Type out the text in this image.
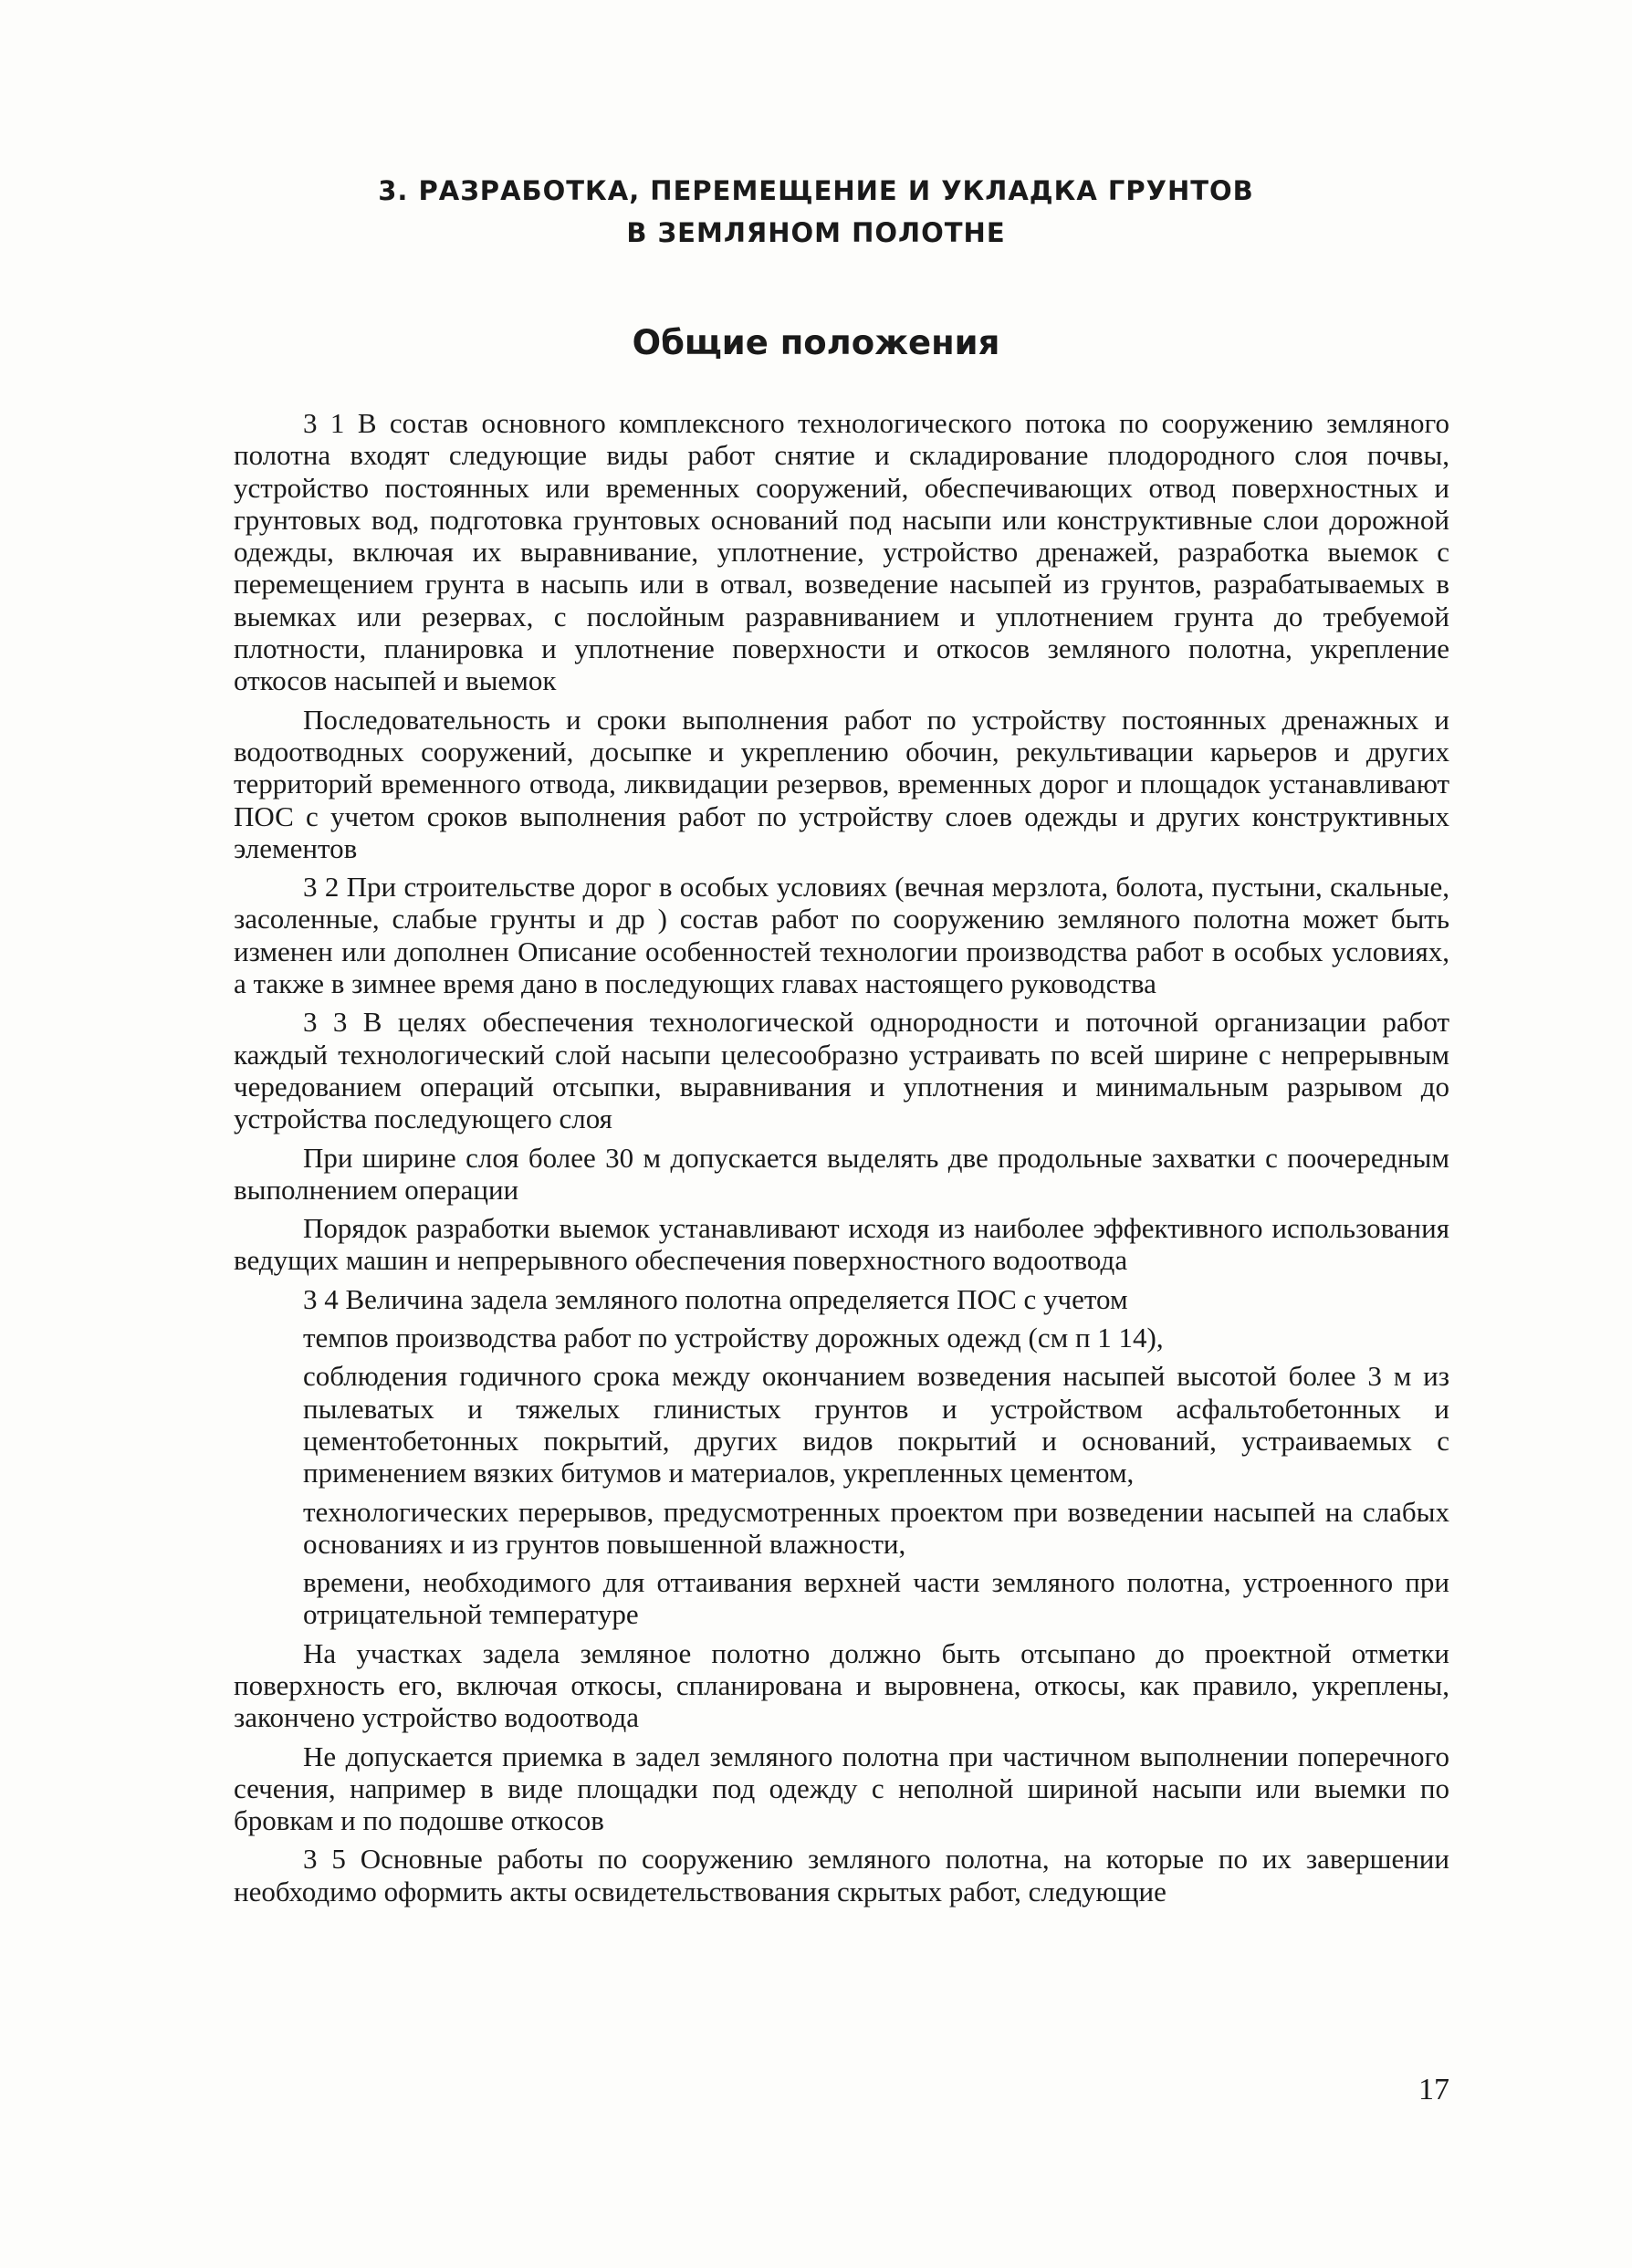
3. РАЗРАБОТКА, ПЕРЕМЕЩЕНИЕ И УКЛАДКА ГРУНТОВ
В ЗЕМЛЯНОМ ПОЛОТНЕ
Общие положения

3 1 В состав основного комплексного технологического потока по сооружению земляного полотна входят следующие виды работ снятие и складирование плодородного слоя почвы, устройство постоянных или временных сооружений, обеспечивающих отвод поверхностных и грунтовых вод, подготовка грунтовых оснований под насыпи или конструктивные слои дорожной одежды, включая их выравнивание, уплотнение, устройство дренажей, разработка выемок с перемещением грунта в насыпь или в отвал, возведение насыпей из грунтов, разрабатываемых в выемках или резервах, с послойным разравниванием и уплотнением грунта до требуемой плотности, планировка и уплотнение поверхности и откосов земляного полотна, укрепление откосов насыпей и выемок

Последовательность и сроки выполнения работ по устройству постоянных дренажных и водоотводных сооружений, досыпке и укреплению обочин, рекультивации карьеров и других территорий временного отвода, ликвидации резервов, временных дорог и площадок устанавливают ПОС с учетом сроков выполнения работ по устройству слоев одежды и других конструктивных элементов

3 2 При строительстве дорог в особых условиях (вечная мерзлота, болота, пустыни, скальные, засоленные, слабые грунты и др ) состав работ по сооружению земляного полотна может быть изменен или дополнен Описание особенностей технологии производства работ в особых условиях, а также в зимнее время дано в последующих главах настоящего руководства

3 3 В целях обеспечения технологической однородности и поточной организации работ каждый технологический слой насыпи целесообразно устраивать по всей ширине с непрерывным чередованием операций отсыпки, выравнивания и уплотнения и минимальным разрывом до устройства последующего слоя

При ширине слоя более 30 м допускается выделять две продольные захватки с поочередным выполнением операции

Порядок разработки выемок устанавливают исходя из наиболее эффективного использования ведущих машин и непрерывного обеспечения поверхностного водоотвода

3 4 Величина задела земляного полотна определяется ПОС с учетом

темпов производства работ по устройству дорожных одежд (см п 1 14),

соблюдения годичного срока между окончанием возведения насыпей высотой более 3 м из пылеватых и тяжелых глинистых грунтов и устройством асфальтобетонных и цементобетонных покрытий, других видов покрытий и оснований, устраиваемых с применением вязких битумов и материалов, укрепленных цементом,

технологических перерывов, предусмотренных проектом при возведении насыпей на слабых основаниях и из грунтов повышенной влажности,

времени, необходимого для оттаивания верхней части земляного полотна, устроенного при отрицательной температуре

На участках задела земляное полотно должно быть отсыпано до проектной отметки поверхность его, включая откосы, спланирована и выровнена, откосы, как правило, укреплены, закончено устройство водоотвода

Не допускается приемка в задел земляного полотна при частичном выполнении поперечного сечения, например в виде площадки под одежду с неполной шириной насыпи или выемки по бровкам и по подошве откосов

3 5 Основные работы по сооружению земляного полотна, на которые по их завершении необходимо оформить акты освидетельствования скрытых работ, следующие

17
